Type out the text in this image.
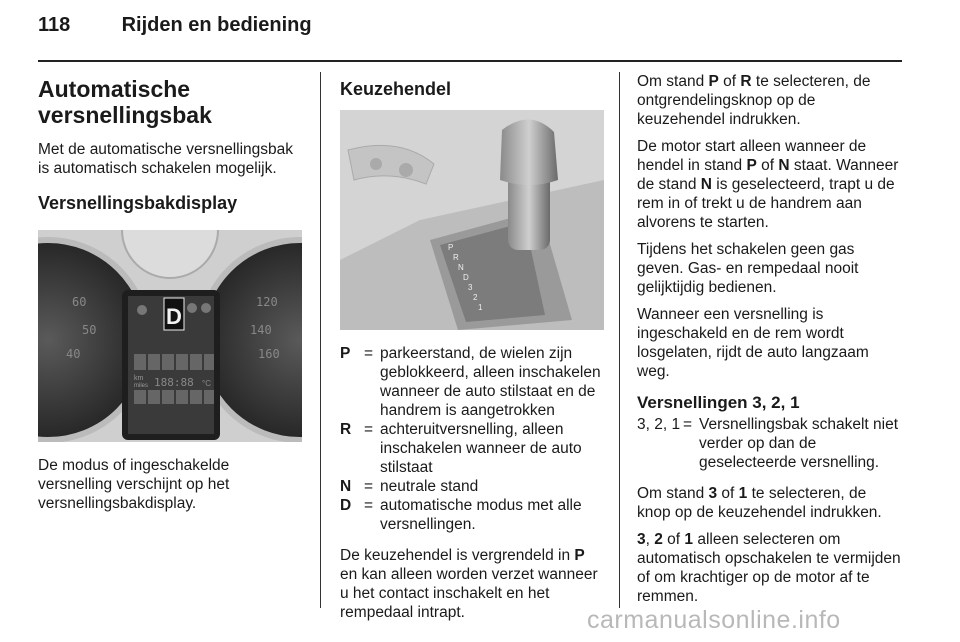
118	Rijden en bediening
Automatische versnellingsbak

Met de automatische versnellingsbak is automatisch schakelen mogelijk.

Versnellingsbakdisplay
60
50
40
120
140
160
D
km
miles 188:88 °C

De modus of ingeschakelde versnelling verschijnt op het versnellingsbakdisplay.

Keuzehendel
P
R
N
D
3
2
1
P = parkeerstand, de wielen zijn geblokkeerd, alleen inschakelen wanneer de auto stilstaat en de handrem is aangetrokken
R = achteruitversnelling, alleen inschakelen wanneer de auto stilstaat
N = neutrale stand
D = automatische modus met alle versnellingen.

De keuzehendel is vergrendeld in P en kan alleen worden verzet wanneer u het contact inschakelt en het rempedaal intrapt.

Om stand P of R te selecteren, de ontgrendelingsknop op de keuzehendel indrukken.

De motor start alleen wanneer de hendel in stand P of N staat. Wanneer de stand N is geselecteerd, trapt u de rem in of trekt u de handrem aan alvorens te starten.

Tijdens het schakelen geen gas geven. Gas- en rempedaal nooit gelijktijdig bedienen.

Wanneer een versnelling is ingeschakeld en de rem wordt losgelaten, rijdt de auto langzaam weg.

Versnellingen 3, 2, 1
3, 2, 1 = Versnellingsbak schakelt niet verder op dan de geselecteerde versnelling.

Om stand 3 of 1 te selecteren, de knop op de keuzehendel indrukken.

3, 2 of 1 alleen selecteren om automatisch opschakelen te vermijden of om krachtiger op de motor af te remmen.

carmanualsonline.info
